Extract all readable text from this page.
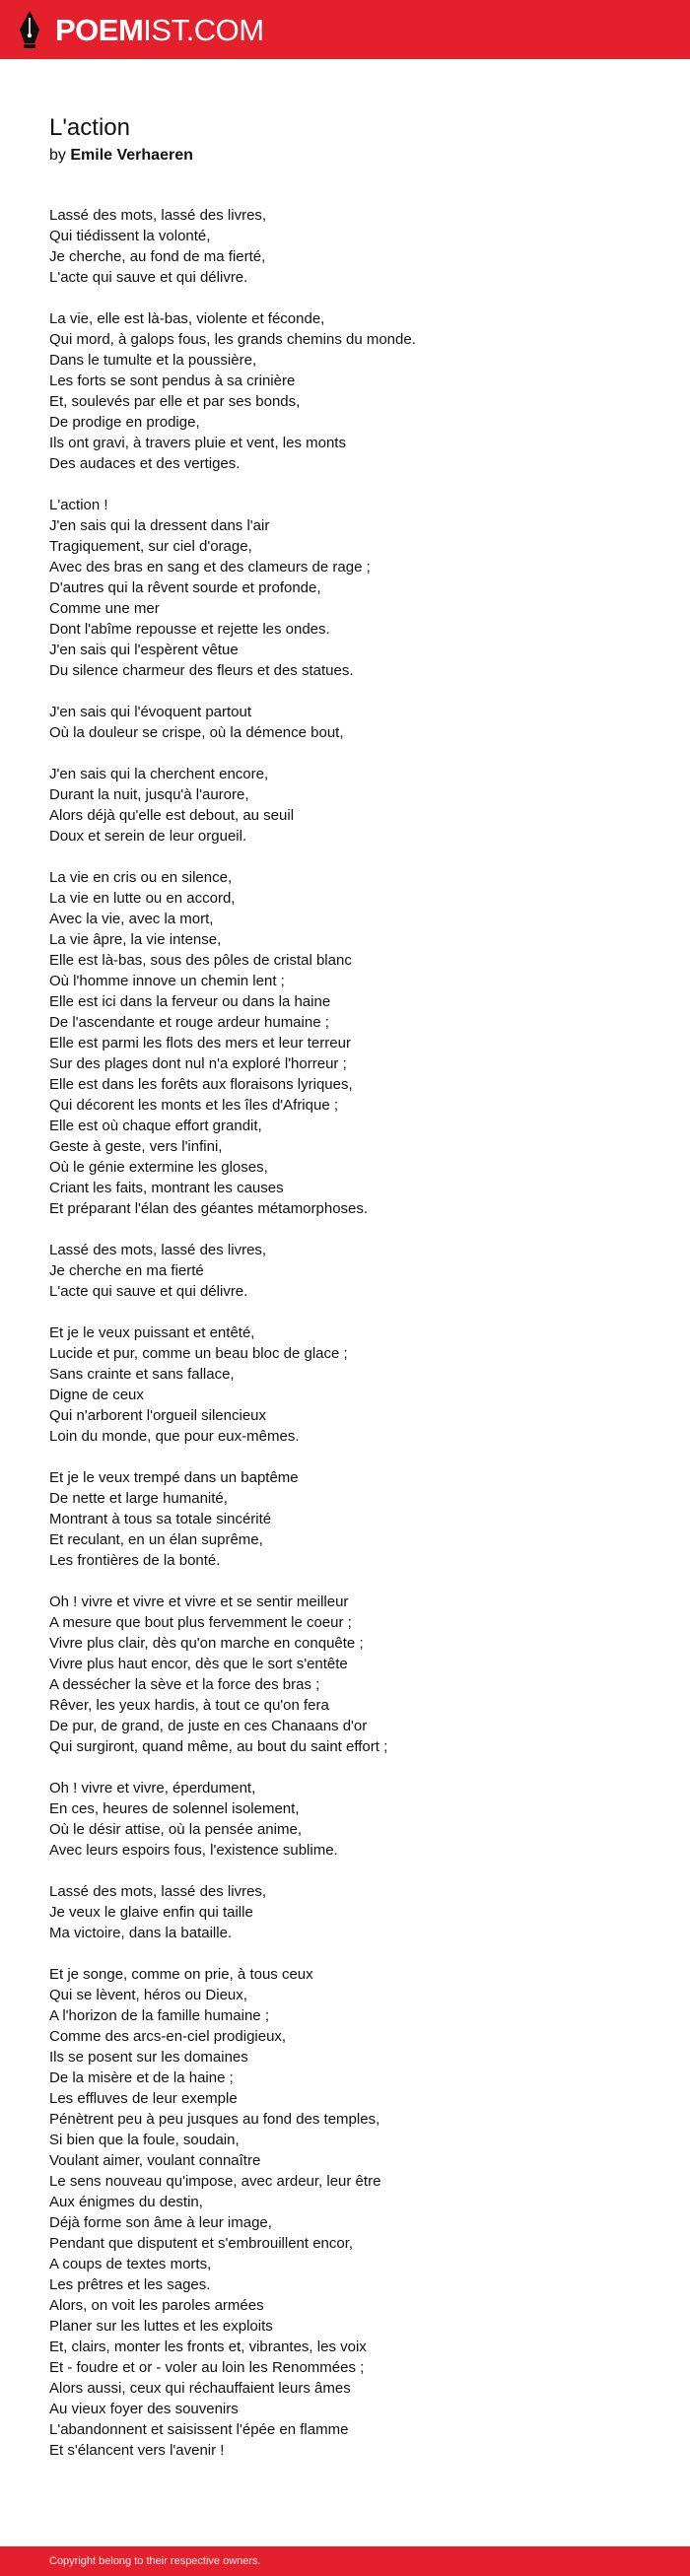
POEMIST.COM
L'action
by Emile Verhaeren
Lassé des mots, lassé des livres,
Qui tiédissent la volonté,
Je cherche, au fond de ma fierté,
L'acte qui sauve et qui délivre.
La vie, elle est là-bas, violente et féconde,
Qui mord, à galops fous, les grands chemins du monde.
Dans le tumulte et la poussière,
Les forts se sont pendus à sa crinière
Et, soulevés par elle et par ses bonds,
De prodige en prodige,
Ils ont gravi, à travers pluie et vent, les monts
Des audaces et des vertiges.
L'action !
J'en sais qui la dressent dans l'air
Tragiquement, sur ciel d'orage,
Avec des bras en sang et des clameurs de rage ;
D'autres qui la rêvent sourde et profonde,
Comme une mer
Dont l'abîme repousse et rejette les ondes.
J'en sais qui l'espèrent vêtue
Du silence charmeur des fleurs et des statues.
J'en sais qui l'évoquent partout
Où la douleur se crispe, où la démence bout,
J'en sais qui la cherchent encore,
Durant la nuit, jusqu'à l'aurore,
Alors déjà qu'elle est debout, au seuil
Doux et serein de leur orgueil.
La vie en cris ou en silence,
La vie en lutte ou en accord,
Avec la vie, avec la mort,
La vie âpre, la vie intense,
Elle est là-bas, sous des pôles de cristal blanc
Où l'homme innove un chemin lent ;
Elle est ici dans la ferveur ou dans la haine
De l'ascendante et rouge ardeur humaine ;
Elle est parmi les flots des mers et leur terreur
Sur des plages dont nul n'a exploré l'horreur ;
Elle est dans les forêts aux floraisons lyriques,
Qui décorent les monts et les îles d'Afrique ;
Elle est où chaque effort grandit,
Geste à geste, vers l'infini,
Où le génie extermine les gloses,
Criant les faits, montrant les causes
Et préparant l'élan des géantes métamorphoses.
Lassé des mots, lassé des livres,
Je cherche en ma fierté
L'acte qui sauve et qui délivre.
Et je le veux puissant et entêté,
Lucide et pur, comme un beau bloc de glace ;
Sans crainte et sans fallace,
Digne de ceux
Qui n'arborent l'orgueil silencieux
Loin du monde, que pour eux-mêmes.
Et je le veux trempé dans un baptême
De nette et large humanité,
Montrant à tous sa totale sincérité
Et reculant, en un élan suprême,
Les frontières de la bonté.
Oh ! vivre et vivre et vivre et se sentir meilleur
A mesure que bout plus fervemment le coeur ;
Vivre plus clair, dès qu'on marche en conquête ;
Vivre plus haut encor, dès que le sort s'entête
A dessécher la sève et la force des bras ;
Rêver, les yeux hardis, à tout ce qu'on fera
De pur, de grand, de juste en ces Chanaans d'or
Qui surgiront, quand même, au bout du saint effort ;
Oh ! vivre et vivre, éperdument,
En ces, heures de solennel isolement,
Où le désir attise, où la pensée anime,
Avec leurs espoirs fous, l'existence sublime.
Lassé des mots, lassé des livres,
Je veux le glaive enfin qui taille
Ma victoire, dans la bataille.
Et je songe, comme on prie, à tous ceux
Qui se lèvent, héros ou Dieux,
A l'horizon de la famille humaine ;
Comme des arcs-en-ciel prodigieux,
Ils se posent sur les domaines
De la misère et de la haine ;
Les effluves de leur exemple
Pénètrent peu à peu jusques au fond des temples,
Si bien que la foule, soudain,
Voulant aimer, voulant connaître
Le sens nouveau qu'impose, avec ardeur, leur être
Aux énigmes du destin,
Déjà forme son âme à leur image,
Pendant que disputent et s'embrouillent encor,
A coups de textes morts,
Les prêtres et les sages.
Alors, on voit les paroles armées
Planer sur les luttes et les exploits
Et, clairs, monter les fronts et, vibrantes, les voix
Et - foudre et or - voler au loin les Renommées ;
Alors aussi, ceux qui réchauffaient leurs âmes
Au vieux foyer des souvenirs
L'abandonnent et saisissent l'épée en flamme
Et s'élancent vers l'avenir !
Copyright belong to their respective owners.
